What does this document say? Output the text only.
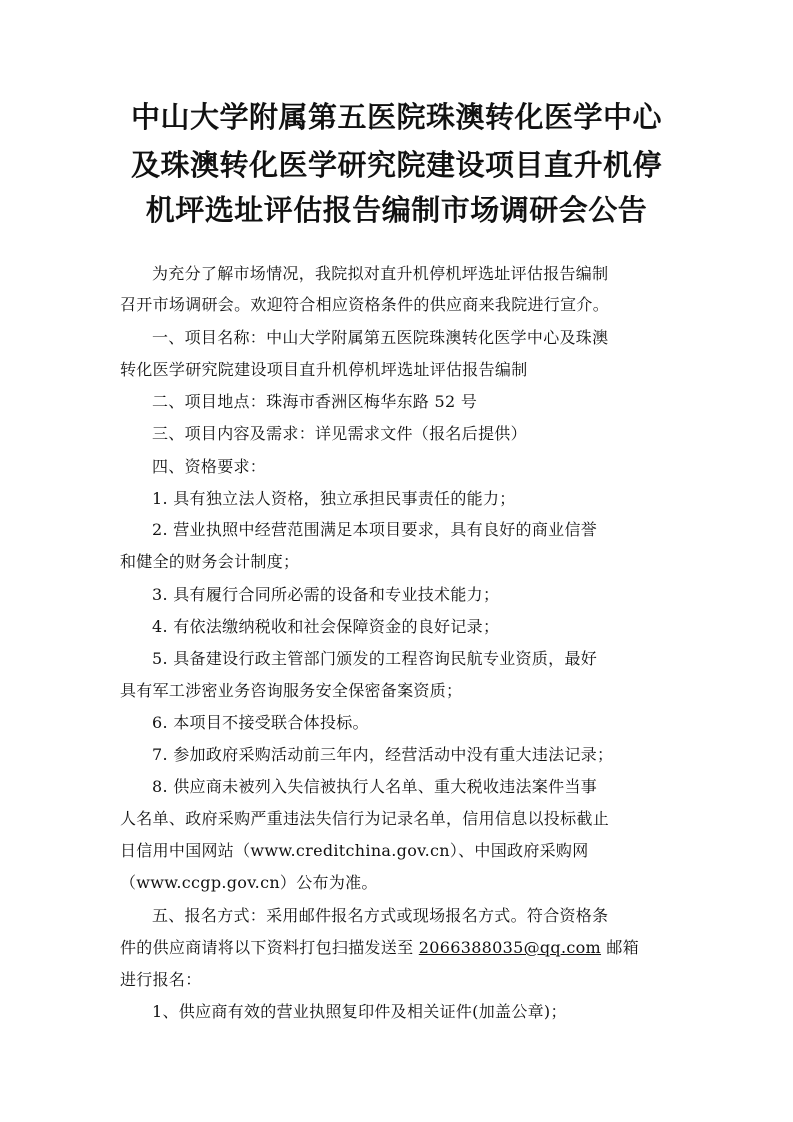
中山大学附属第五医院珠澳转化医学中心

及珠澳转化医学研究院建设项目直升机停

机坪选址评估报告编制市场调研会公告

为充分了解市场情况，我院拟对直升机停机坪选址评估报告编制

召开市场调研会。欢迎符合相应资格条件的供应商来我院进行宣介。

一、项目名称：中山大学附属第五医院珠澳转化医学中心及珠澳

转化医学研究院建设项目直升机停机坪选址评估报告编制

二、项目地点：珠海市香洲区梅华东路 52 号

三、项目内容及需求：详见需求文件（报名后提供）

四、资格要求：

1. 具有独立法人资格，独立承担民事责任的能力；

2. 营业执照中经营范围满足本项目要求，具有良好的商业信誉

和健全的财务会计制度；

3. 具有履行合同所必需的设备和专业技术能力；

4. 有依法缴纳税收和社会保障资金的良好记录；

5. 具备建设行政主管部门颁发的工程咨询民航专业资质，最好

具有军工涉密业务咨询服务安全保密备案资质；

6. 本项目不接受联合体投标。

7. 参加政府采购活动前三年内，经营活动中没有重大违法记录；

8. 供应商未被列入失信被执行人名单、重大税收违法案件当事

人名单、政府采购严重违法失信行为记录名单，信用信息以投标截止

日信用中国网站（www.creditchina.gov.cn）、中国政府采购网

（www.ccgp.gov.cn）公布为准。

五、报名方式：采用邮件报名方式或现场报名方式。符合资格条

件的供应商请将以下资料打包扫描发送至 2066388035@qq.com 邮箱

进行报名：

1、供应商有效的营业执照复印件及相关证件(加盖公章)；
